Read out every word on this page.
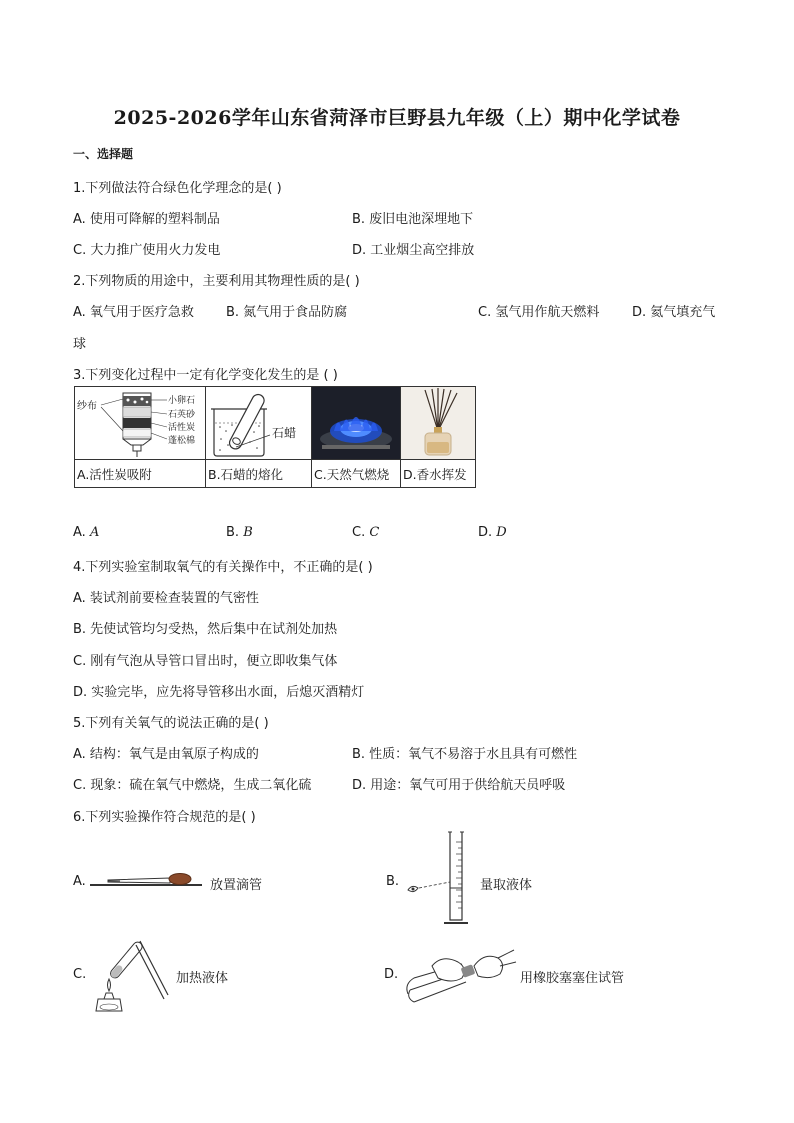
2025-2026学年山东省菏泽市巨野县九年级（上）期中化学试卷
一、选择题
1.下列做法符合绿色化学理念的是( )
A. 使用可降解的塑料制品	B. 废旧电池深埋地下
C. 大力推广使用火力发电	D. 工业烟尘高空排放
2.下列物质的用途中，主要利用其物理性质的是( )
A. 氧气用于医疗急救 B. 氮气用于食品防腐	C. 氢气用作航天燃料	D. 氦气填充气
球
3.下列变化过程中一定有化学变化发生的是 ( )
纱布 小卵石
石英砂
活性炭
蓬松棉	石蜡

A.活性炭吸附	B.石蜡的熔化	C.天然气燃烧	D.香水挥发
A. A	B. B	C. C	D. D
4.下列实验室制取氧气的有关操作中，不正确的是( )
A. 装试剂前要检查装置的气密性
B. 先使试管均匀受热，然后集中在试剂处加热
C. 刚有气泡从导管口冒出时，便立即收集气体
D. 实验完毕，应先将导管移出水面，后熄灭酒精灯
5.下列有关氧气的说法正确的是( )
A. 结构：氧气是由氧原子构成的	B. 性质：氧气不易溶于水且具有可燃性
C. 现象：硫在氧气中燃烧，生成二氧化硫	D. 用途：氧气可用于供给航天员呼吸
6.下列实验操作符合规范的是( )
A.	放置滴管	B.	量取液体
C.	加热液体	D.	用橡胶塞塞住试管
